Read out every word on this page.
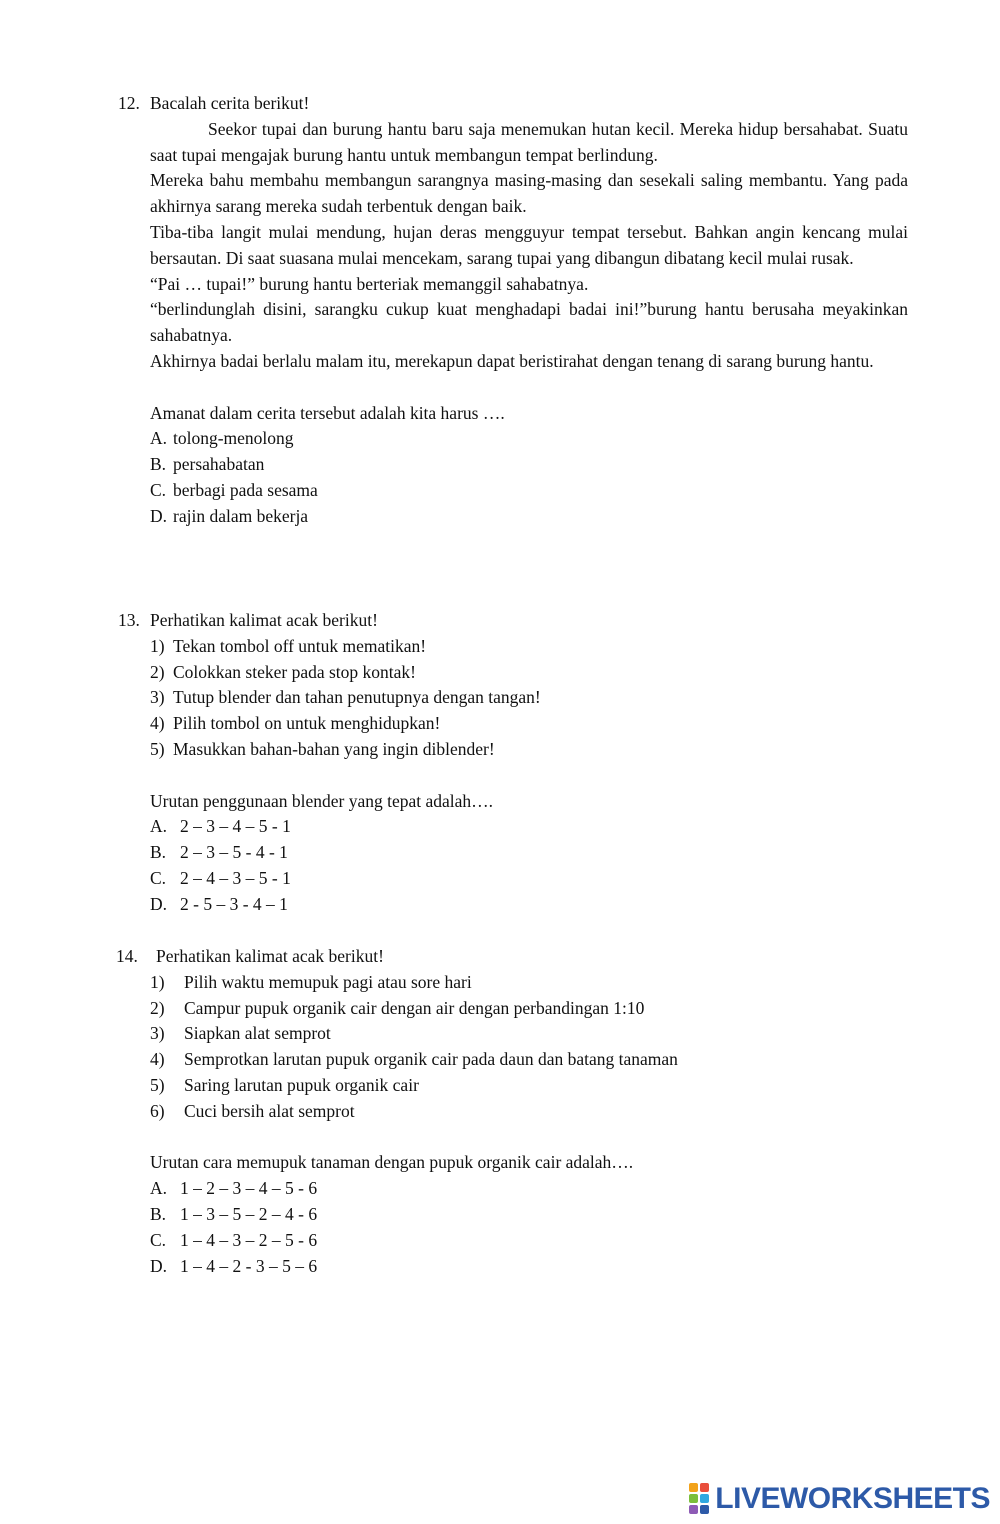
12. Bacalah cerita berikut!

Seekor tupai dan burung hantu baru saja menemukan hutan kecil. Mereka hidup bersahabat. Suatu saat tupai mengajak burung hantu untuk membangun tempat berlindung.

Mereka bahu membahu membangun sarangnya masing-masing dan sesekali saling membantu. Yang pada akhirnya sarang mereka sudah terbentuk dengan baik.

Tiba-tiba langit mulai mendung, hujan deras mengguyur tempat tersebut. Bahkan angin kencang mulai bersautan. Di saat suasana mulai mencekam, sarang tupai yang dibangun dibatang kecil mulai rusak.

“Pai … tupai!” burung hantu berteriak memanggil sahabatnya.

“berlindunglah disini, sarangku cukup kuat menghadapi badai ini!”burung hantu berusaha meyakinkan sahabatnya.

Akhirnya badai berlalu malam itu, merekapun dapat beristirahat dengan tenang di sarang burung hantu.

Amanat dalam cerita tersebut adalah kita harus ….

A. tolong-menolong
B. persahabatan
C. berbagi pada sesama
D. rajin dalam bekerja
13. Perhatikan kalimat acak berikut!
1) Tekan tombol off untuk mematikan!
2) Colokkan steker pada stop kontak!
3) Tutup blender dan tahan penutupnya dengan tangan!
4) Pilih tombol on untuk menghidupkan!
5) Masukkan bahan-bahan yang ingin diblender!

Urutan penggunaan blender yang tepat adalah….

A. 2 – 3 – 4 – 5 - 1
B. 2 – 3 – 5 - 4 - 1
C. 2 – 4 – 3 – 5 - 1
D. 2 - 5 – 3 - 4 – 1
14. Perhatikan kalimat acak berikut!
1)	Pilih waktu memupuk pagi atau sore hari
2)	Campur pupuk organik cair dengan air dengan perbandingan 1:10
3)	Siapkan alat semprot
4)	Semprotkan larutan pupuk organik cair pada daun dan batang tanaman
5)	Saring larutan pupuk organik cair
6)	Cuci bersih alat semprot

Urutan cara memupuk tanaman dengan pupuk organik cair adalah….

A. 1 – 2 – 3 – 4 – 5 - 6
B. 1 – 3 – 5 – 2 – 4 - 6
C. 1 – 4 – 3 – 2 – 5 - 6
D. 1 – 4 – 2 - 3 – 5 – 6
LIVEWORKSHEETS
